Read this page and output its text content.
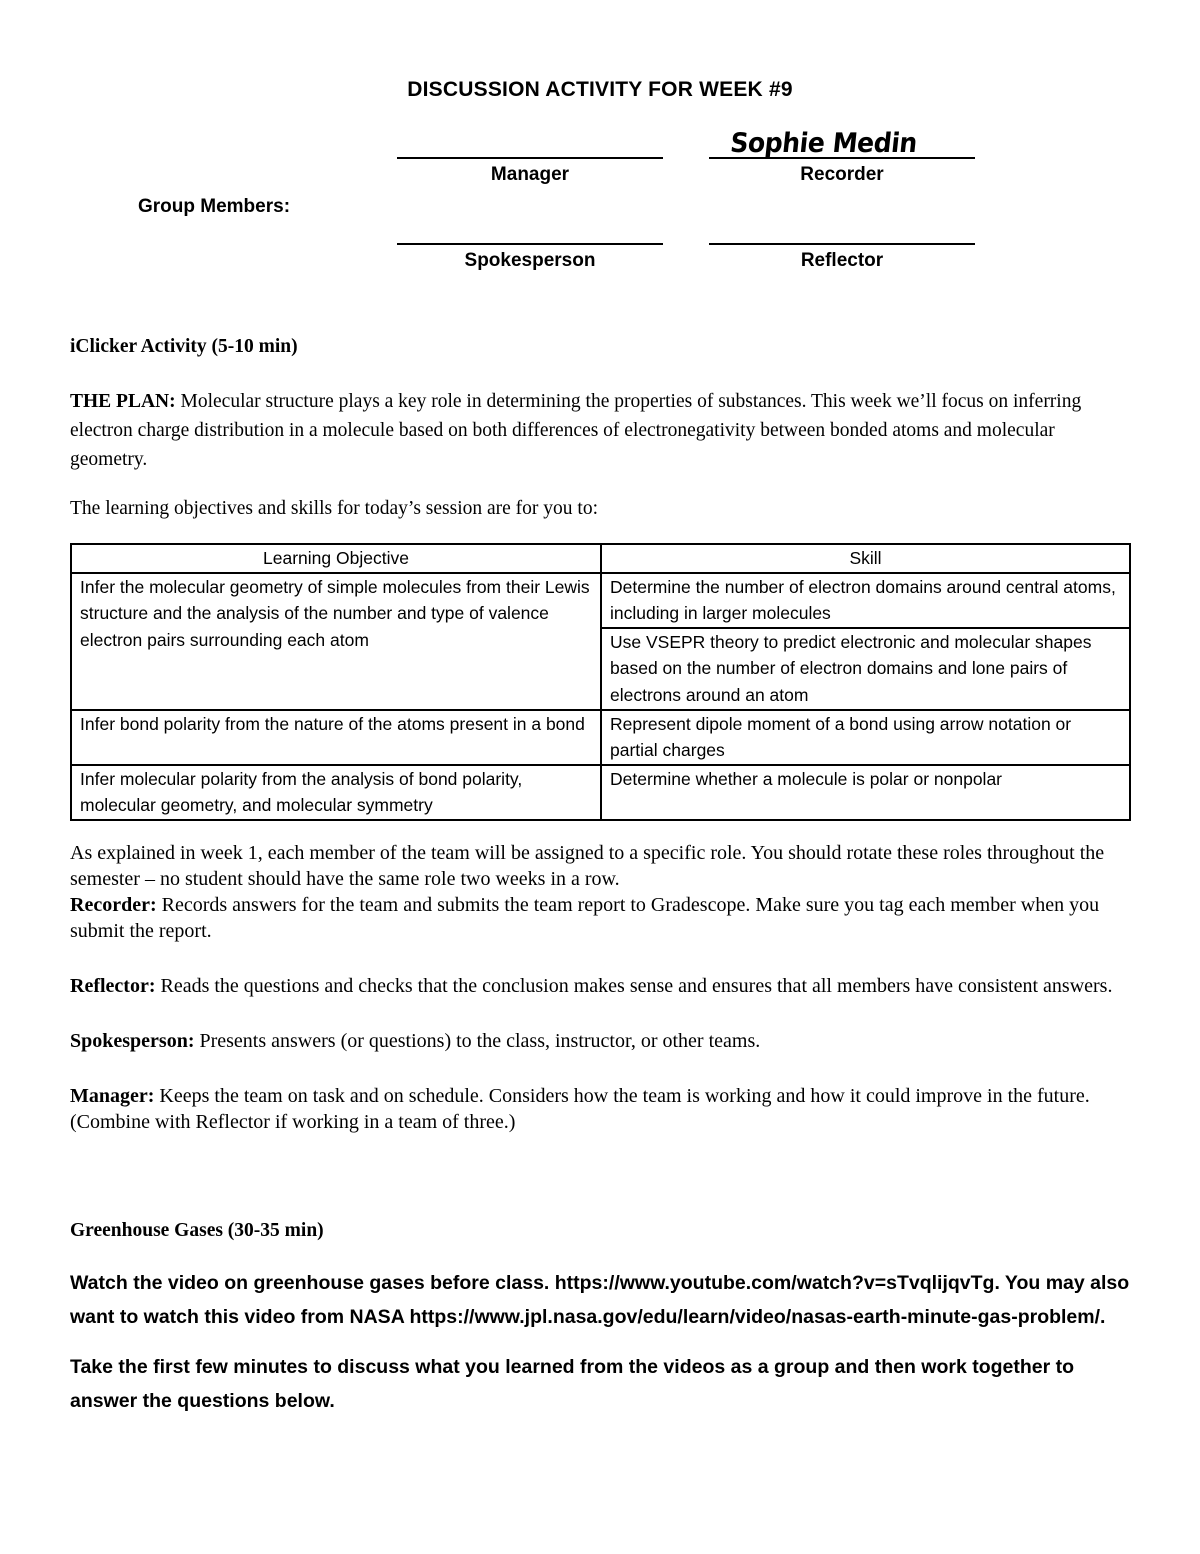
DISCUSSION ACTIVITY FOR WEEK #9
Sophie Medin
Manager	Recorder
Group Members:
Spokesperson	Reflector
iClicker Activity (5-10 min)
THE PLAN: Molecular structure plays a key role in determining the properties of substances. This week we’ll focus on inferring electron charge distribution in a molecule based on both differences of electronegativity between bonded atoms and molecular geometry.
The learning objectives and skills for today’s session are for you to:
Learning Objective	Skill
Infer the molecular geometry of simple molecules from their Lewis structure and the analysis of the number and type of valence electron pairs surrounding each atom	Determine the number of electron domains around central atoms, including in larger molecules
	Use VSEPR theory to predict electronic and molecular shapes based on the number of electron domains and lone pairs of electrons around an atom
Infer bond polarity from the nature of the atoms present in a bond	Represent dipole moment of a bond using arrow notation or partial charges
Infer molecular polarity from the analysis of bond polarity, molecular geometry, and molecular symmetry	Determine whether a molecule is polar or nonpolar

As explained in week 1, each member of the team will be assigned to a specific role. You should rotate these roles throughout the semester – no student should have the same role two weeks in a row.

Recorder: Records answers for the team and submits the team report to Gradescope. Make sure you tag each member when you submit the report.

Reflector: Reads the questions and checks that the conclusion makes sense and ensures that all members have consistent answers.

Spokesperson: Presents answers (or questions) to the class, instructor, or other teams.

Manager: Keeps the team on task and on schedule. Considers how the team is working and how it could improve in the future. (Combine with Reflector if working in a team of three.)

Greenhouse Gases (30-35 min)

Watch the video on greenhouse gases before class. https://www.youtube.com/watch?v=sTvqlijqvTg. You may also want to watch this video from NASA https://www.jpl.nasa.gov/edu/learn/video/nasas-earth-minute-gas-problem/.

Take the first few minutes to discuss what you learned from the videos as a group and then work together to answer the questions below.
